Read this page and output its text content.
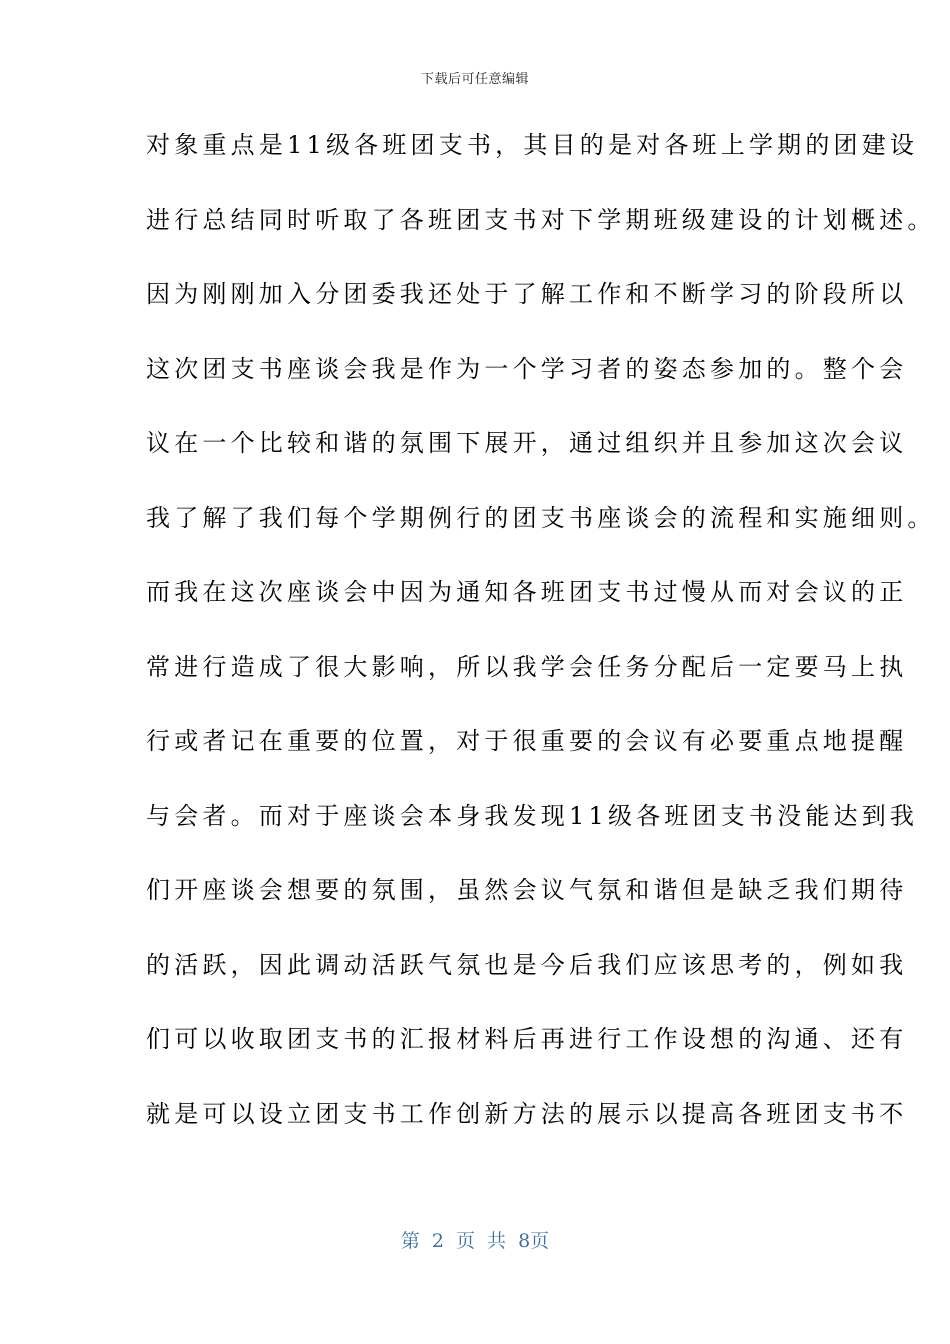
下载后可任意编辑
对象重点是11级各班团支书，其目的是对各班上学期的团建设
进行总结同时听取了各班团支书对下学期班级建设的计划概述。
因为刚刚加入分团委我还处于了解工作和不断学习的阶段所以
这次团支书座谈会我是作为一个学习者的姿态参加的。整个会
议在一个比较和谐的氛围下展开，通过组织并且参加这次会议
我了解了我们每个学期例行的团支书座谈会的流程和实施细则。
而我在这次座谈会中因为通知各班团支书过慢从而对会议的正
常进行造成了很大影响，所以我学会任务分配后一定要马上执
行或者记在重要的位置，对于很重要的会议有必要重点地提醒
与会者。而对于座谈会本身我发现11级各班团支书没能达到我
们开座谈会想要的氛围，虽然会议气氛和谐但是缺乏我们期待
的活跃，因此调动活跃气氛也是今后我们应该思考的，例如我
们可以收取团支书的汇报材料后再进行工作设想的沟通、还有
就是可以设立团支书工作创新方法的展示以提高各班团支书不
第 2 页 共 8页
